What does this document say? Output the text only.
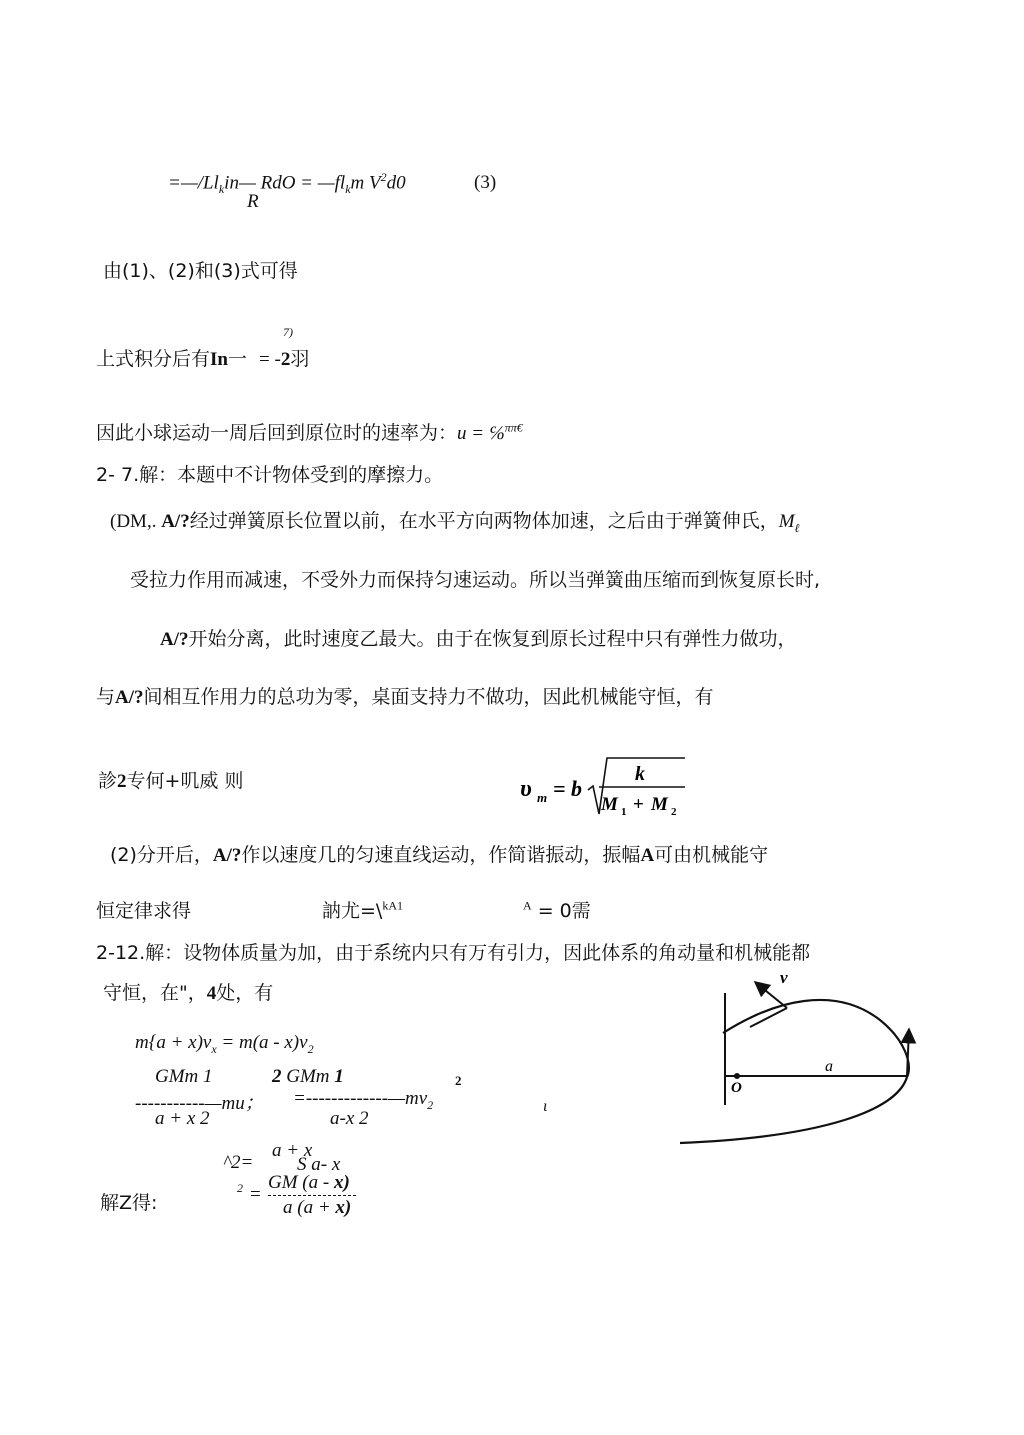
$=—/Ll_kin—$ RdO = $—fl_km$ $V^2d0$
R
(3)
由(1)、(2)和(3)式可得
7)
上式积分后有In一 = -2羽
因此小球运动一周后回到原位时的速率为：u = ℅$^{\pi\pi€}$
2- 7.解：本题中不计物体受到的摩擦力。
(DM,. A/?经过弹簧原长位置以前，在水平方向两物体加速，之后由于弹簧伸氏，$M_\ell$
受拉力作用而减速，不受外力而保持匀速运动。所以当弹簧曲压缩而到恢复原长时,
A/?开始分离，此时速度乙最大。由于在恢复到原长过程中只有弹性力做功，
与A/?间相互作用力的总功为零，桌面支持力不做功，因此机械能守恒，有
診2专何+叽威 则	υ m = b
k
M 1 + M 2
(2)分开后，A/?作以速度几的匀速直线运动，作简谐振动，振幅A可由机械能守
恒定律求得	訥尤=\$^{kA1}$	$^A$ = 0需
2-12.解：设物体质量为加，由于系统内只有万有引力，因此体系的角动量和机械能都
守恒，在"，4处，有
$m\{a + x)v_x = m(a - x)v_2$
GMm 1	2 GMm 1	2
-----------—mu； $=-------------—mv_2$	ι
a + x 2	a-x 2
^2=
a + x
S a- x
解Z得:
2 =
GM (a - x)
a (a + x)
v
a
O
